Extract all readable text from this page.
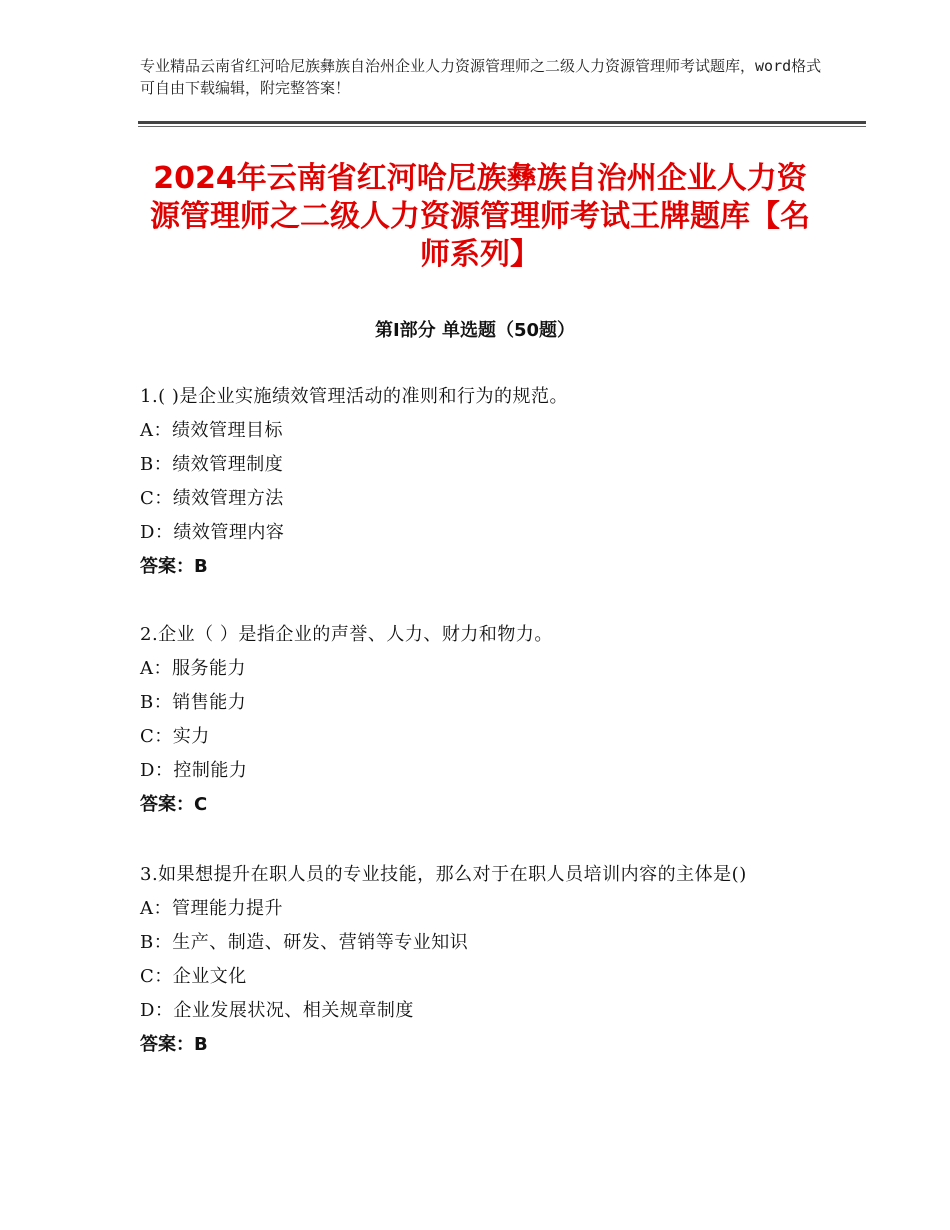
专业精品云南省红河哈尼族彝族自治州企业人力资源管理师之二级人力资源管理师考试题库，word格式可自由下载编辑，附完整答案！
2024年云南省红河哈尼族彝族自治州企业人力资源管理师之二级人力资源管理师考试王牌题库【名师系列】
第Ⅰ部分 单选题（50题）

1.( )是企业实施绩效管理活动的准则和行为的规范。

A：绩效管理目标

B：绩效管理制度

C：绩效管理方法

D：绩效管理内容

答案：B

2.企业（ ）是指企业的声誉、人力、财力和物力。

A：服务能力

B：销售能力

C：实力

D：控制能力

答案：C

3.如果想提升在职人员的专业技能，那么对于在职人员培训内容的主体是()

A：管理能力提升

B：生产、制造、研发、营销等专业知识

C：企业文化

D：企业发展状况、相关规章制度

答案：B
